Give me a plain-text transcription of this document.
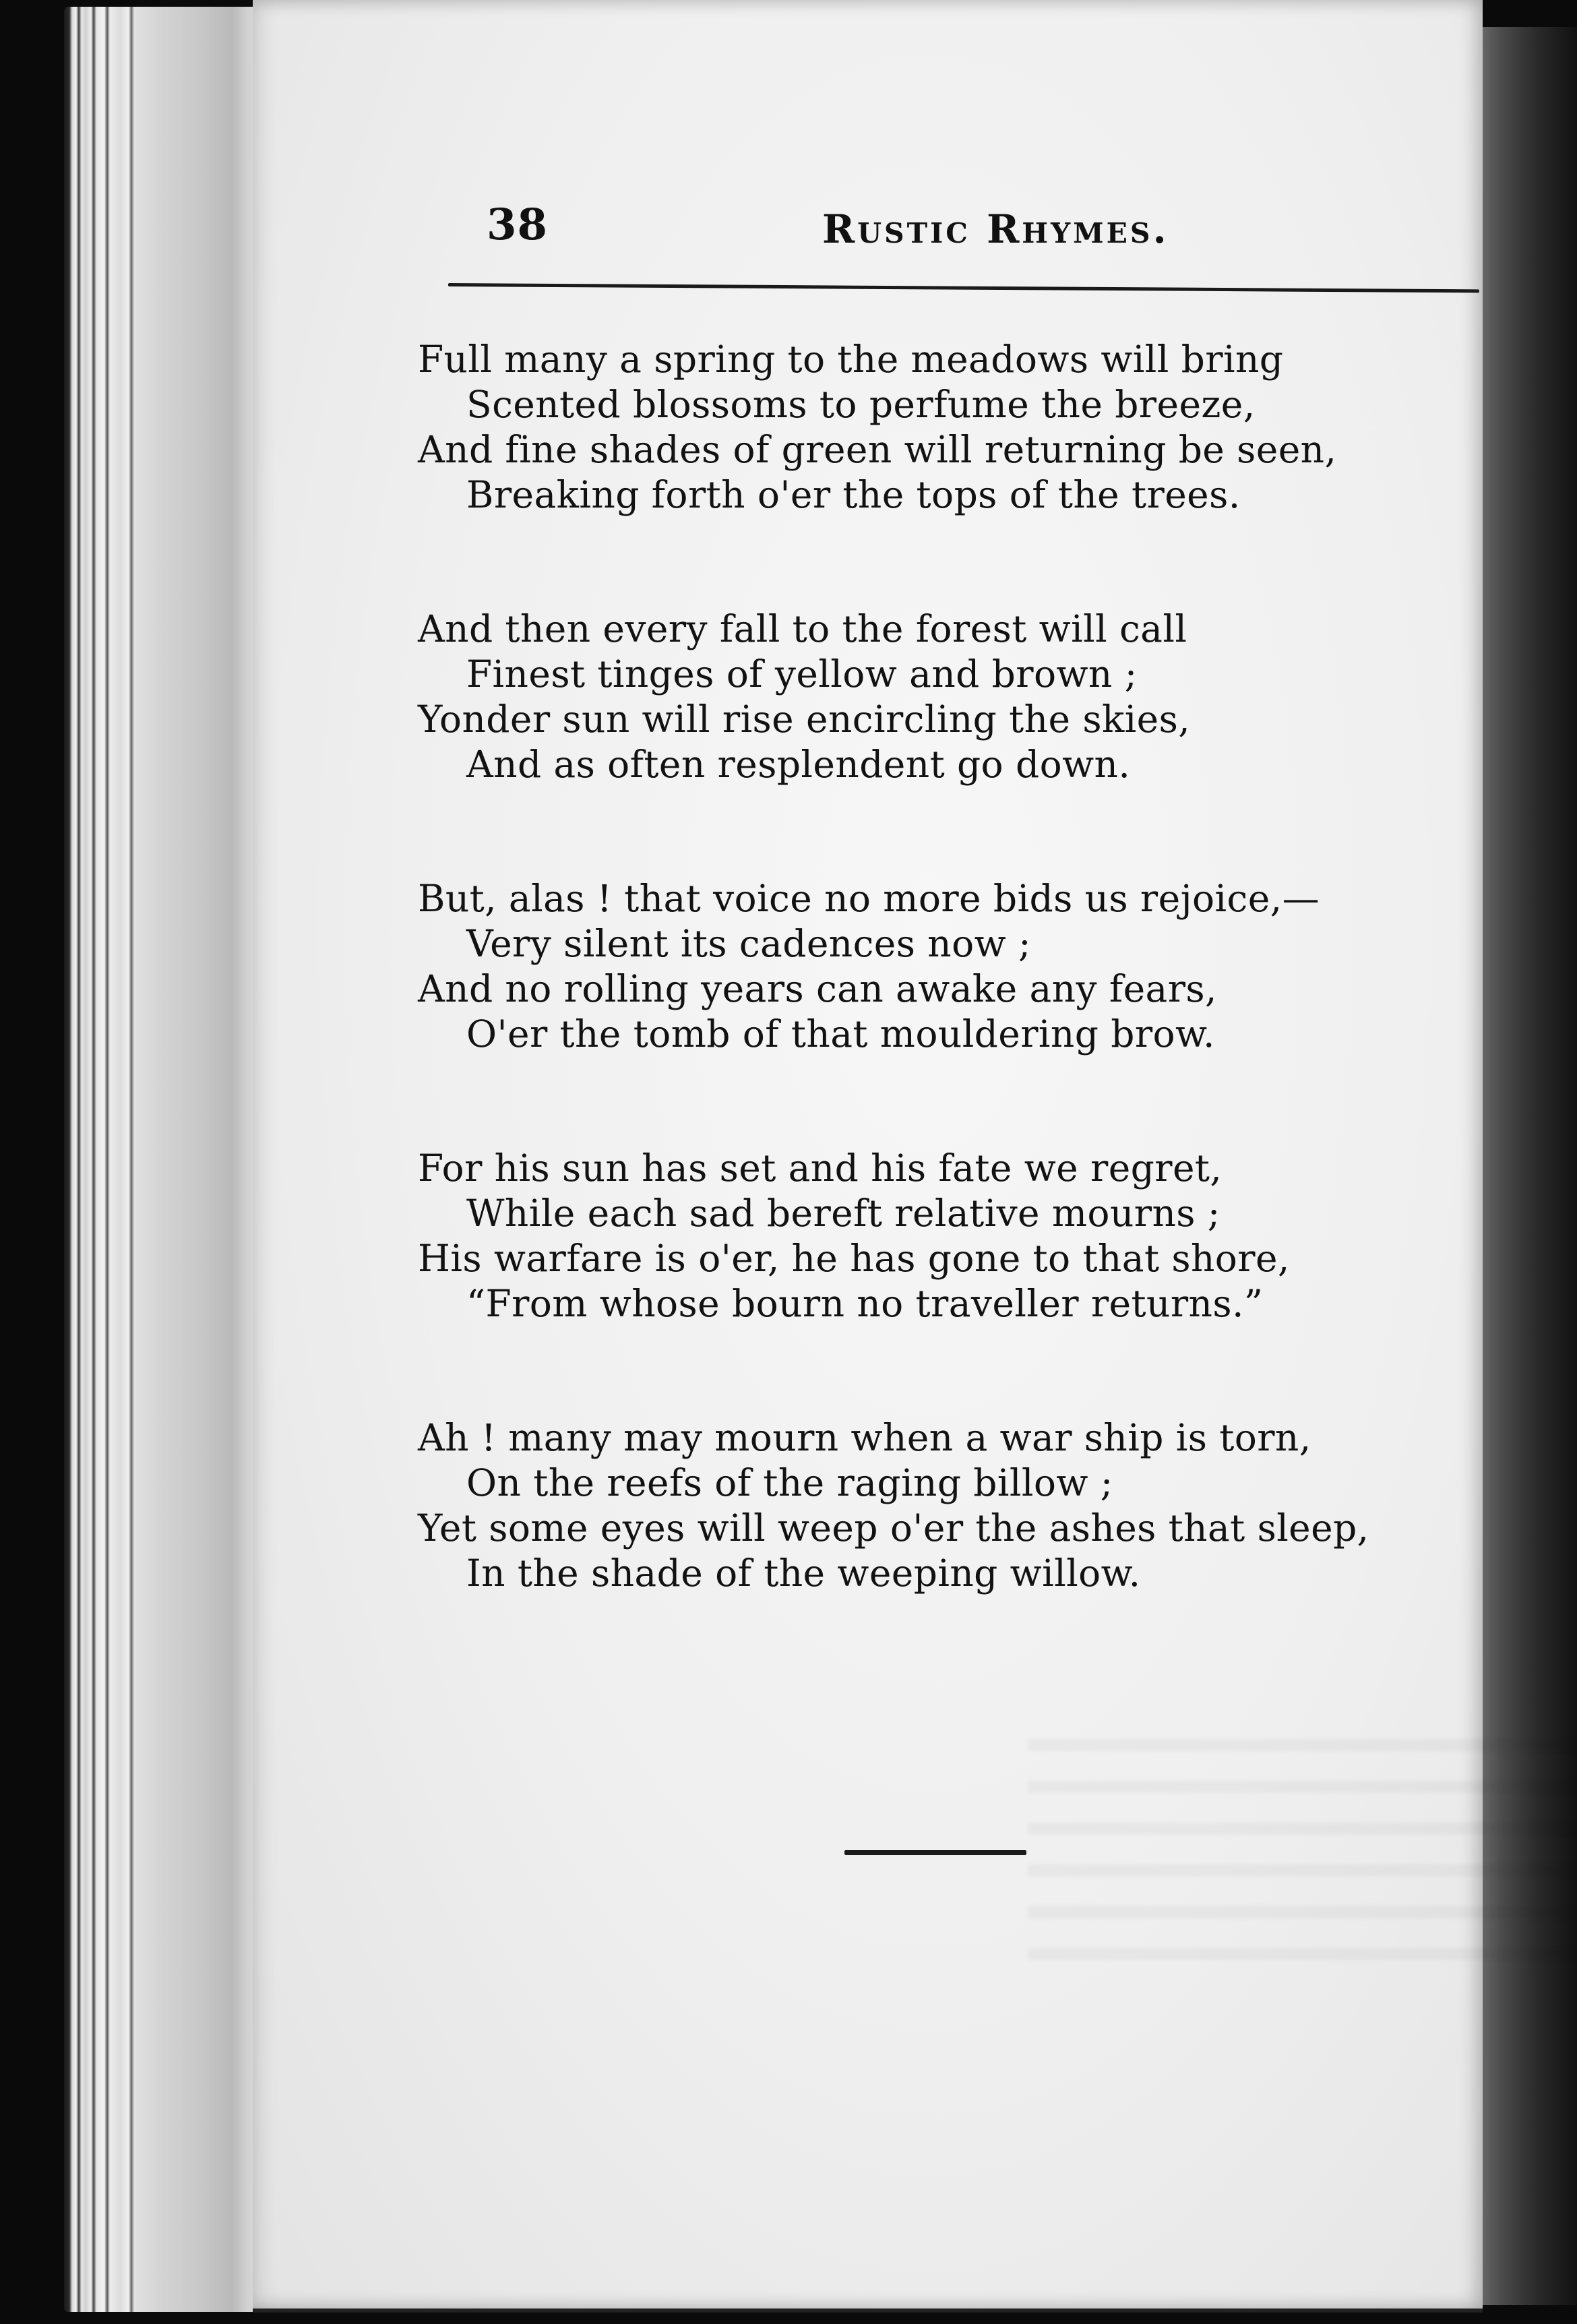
38	Rustic Rhymes.
Full many a spring to the meadows will bring
Scented blossoms to perfume the breeze,
And fine shades of green will returning be seen,
Breaking forth o'er the tops of the trees.
And then every fall to the forest will call
Finest tinges of yellow and brown ;
Yonder sun will rise encircling the skies,
And as often resplendent go down.
But, alas ! that voice no more bids us rejoice,—
Very silent its cadences now ;
And no rolling years can awake any fears,
O'er the tomb of that mouldering brow.
For his sun has set and his fate we regret,
While each sad bereft relative mourns ;
His warfare is o'er, he has gone to that shore,
“From whose bourn no traveller returns.”
Ah ! many may mourn when a war ship is torn,
On the reefs of the raging billow ;
Yet some eyes will weep o'er the ashes that sleep,
In the shade of the weeping willow.
